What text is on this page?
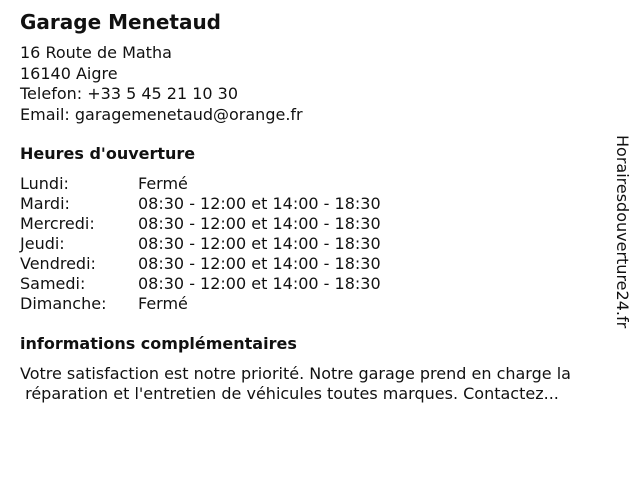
Garage Menetaud
16 Route de Matha
16140 Aigre
Telefon: +33 5 45 21 10 30
Email: garagemenetaud@orange.fr
Heures d'ouverture
Lundi:	Fermé
Mardi:	08:30 - 12:00 et 14:00 - 18:30
Mercredi:	08:30 - 12:00 et 14:00 - 18:30
Jeudi:	08:30 - 12:00 et 14:00 - 18:30
Vendredi:	08:30 - 12:00 et 14:00 - 18:30
Samedi:	08:30 - 12:00 et 14:00 - 18:30
Dimanche: Fermé
informations complémentaires
Votre satisfaction est notre priorité. Notre garage prend en charge la
réparation et l'entretien de véhicules toutes marques. Contactez...
Horairesdouverture24.fr
